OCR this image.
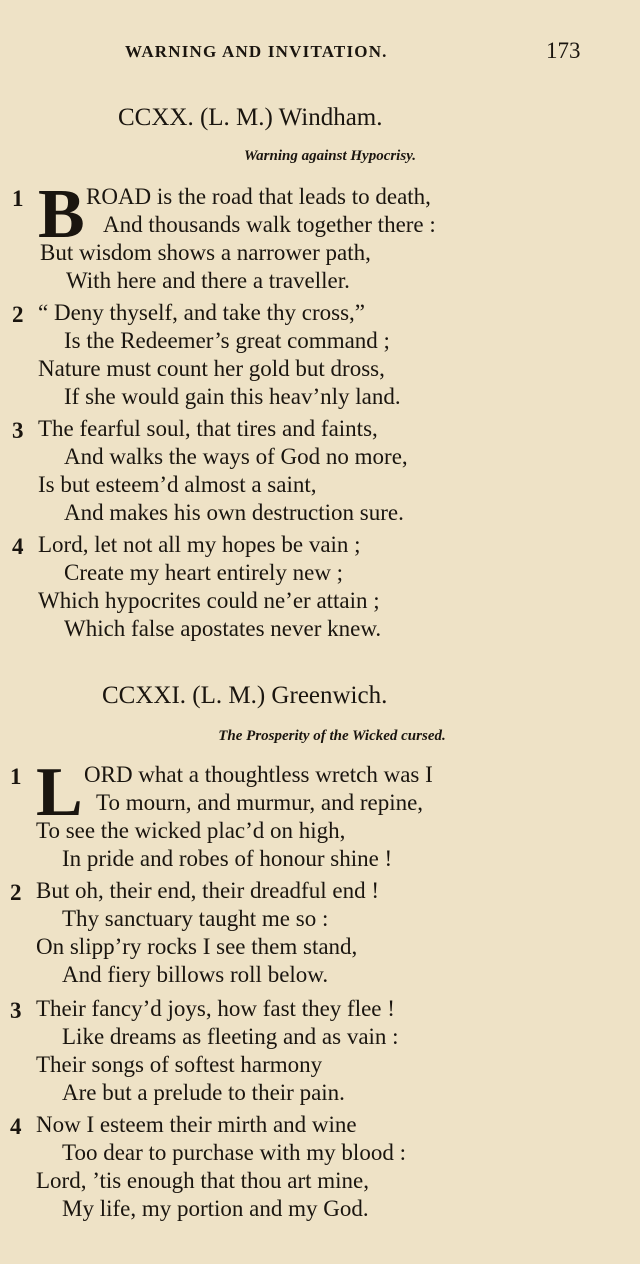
WARNING AND INVITATION.	173
CCXX. (L. M.) Windham.
Warning against Hypocrisy.
1 B ROAD is the road that leads to death,
And thousands walk together there :
But wisdom shows a narrower path,
With here and there a traveller.
2 “ Deny thyself, and take thy cross,”
Is the Redeemer’s great command ;
Nature must count her gold but dross,
If she would gain this heav’nly land.
3 The fearful soul, that tires and faints,
And walks the ways of God no more,
Is but esteem’d almost a saint,
And makes his own destruction sure.
4 Lord, let not all my hopes be vain ;
Create my heart entirely new ;
Which hypocrites could ne’er attain ;
Which false apostates never knew.
CCXXI. (L. M.) Greenwich.
The Prosperity of the Wicked cursed.
1 L ORD what a thoughtless wretch was I
To mourn, and murmur, and repine,
To see the wicked plac’d on high,
In pride and robes of honour shine !
2 But oh, their end, their dreadful end !
Thy sanctuary taught me so :
On slipp’ry rocks I see them stand,
And fiery billows roll below.
3 Their fancy’d joys, how fast they flee !
Like dreams as fleeting and as vain :
Their songs of softest harmony
Are but a prelude to their pain.
4 Now I esteem their mirth and wine
Too dear to purchase with my blood :
Lord, ’tis enough that thou art mine,
My life, my portion and my God.
